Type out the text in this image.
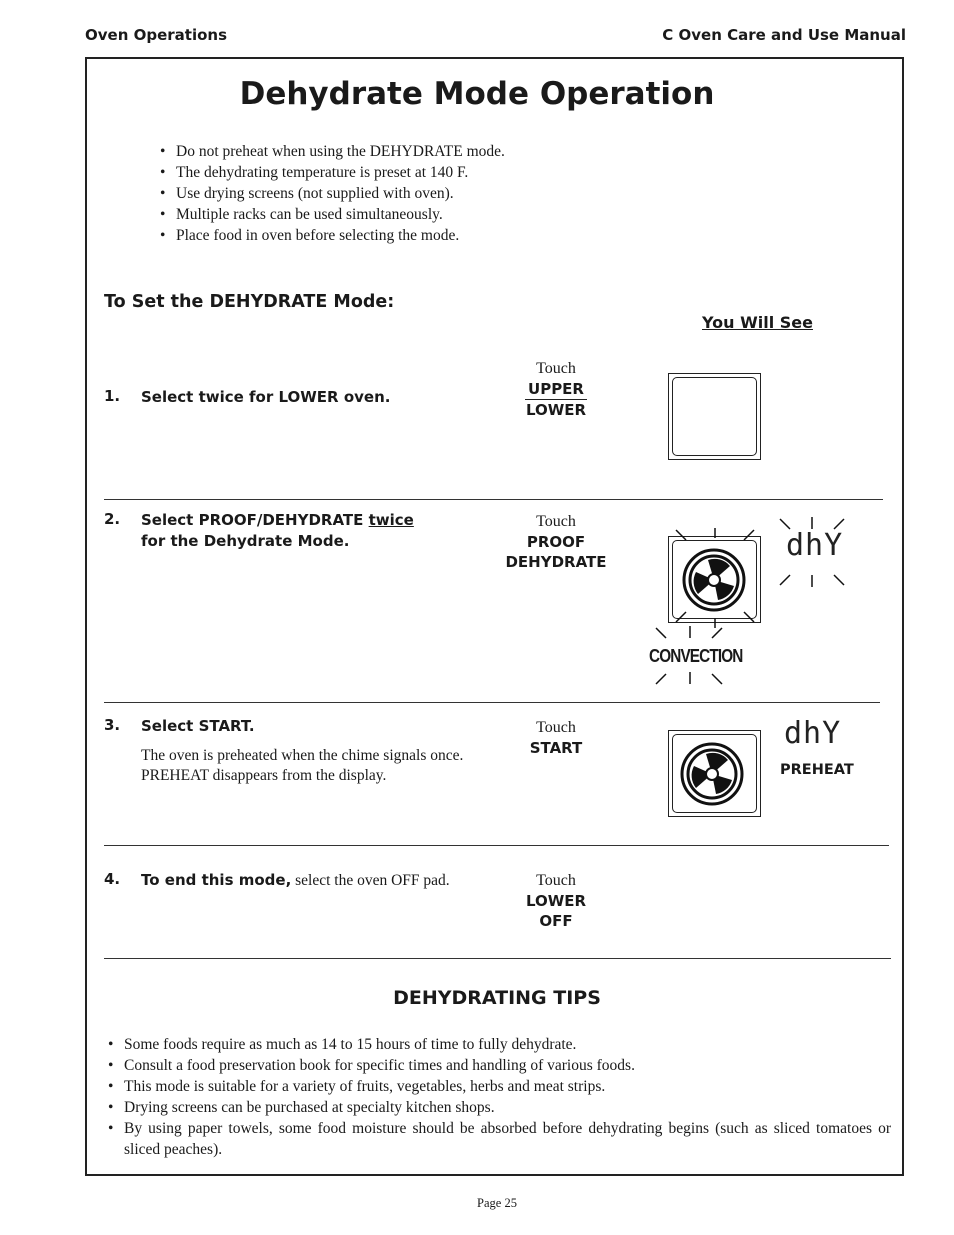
Oven Operations	C Oven Care and Use Manual
Dehydrate Mode Operation
• Do not preheat when using the DEHYDRATE mode.
• The dehydrating temperature is preset at 140 F.
• Use drying screens (not supplied with oven).
• Multiple racks can be used simultaneously.
• Place food in oven before selecting the mode.
To Set the DEHYDRATE Mode:
You Will See
1. Select twice for LOWER oven.
Touch
UPPER
LOWER
2. Select PROOF/DEHYDRATE twice
for the Dehydrate Mode.
Touch
PROOF
DEHYDRATE	dhY
CONVECTION
3. Select START.
The oven is preheated when the chime signals once.
PREHEAT disappears from the display.
Touch
START	dhY
PREHEAT
4. To end this mode, select the oven OFF pad.	Touch
LOWER
OFF
DEHYDRATING TIPS
• Some foods require as much as 14 to 15 hours of time to fully dehydrate.
• Consult a food preservation book for specific times and handling of various foods.
• This mode is suitable for a variety of fruits, vegetables, herbs and meat strips.
• Drying screens can be purchased at specialty kitchen shops.
• By using paper towels, some food moisture should be absorbed before dehydrating begins (such as sliced tomatoes or sliced peaches).
Page 25
